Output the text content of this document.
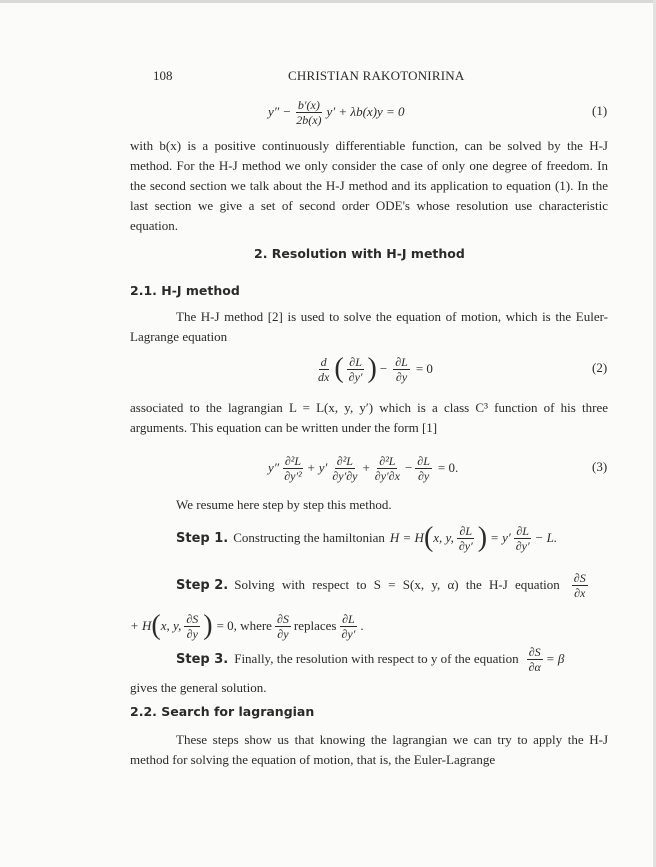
108	CHRISTIAN RAKOTONIRINA
$y'' - \frac{b'(x)}{2b(x)} y' + \lambda b(x)y = 0$	(1)
with b(x) is a positive continuously differentiable function, can be solved by the H-J method. For the H-J method we only consider the case of only one degree of freedom. In the second section we talk about the H-J method and its application to equation (1). In the last section we give a set of second order ODE's whose resolution use characteristic equation.
2. Resolution with H-J method
2.1. H-J method
The H-J method [2] is used to solve the equation of motion, which is the Euler-Lagrange equation
$\frac{d}{dx}$ ( $\frac{\partial L}{\partial y'}$ ) − $\frac{\partial L}{\partial y} = 0$	(2)
associated to the lagrangian L = L(x, y, y′) which is a class C³ function of his three arguments. This equation can be written under the form [1]
$y'' \frac{\text{∂²L}}{\text{∂y′²}} + y' \frac{\text{∂²L}}{\partial y'\partial y} + \frac{\text{∂²L}}{\partial y'\partial x} - \frac{\partial L}{\partial y} = 0$.	(3)
We resume here step by step this method.
Step 1. Constructing the hamiltonian H = H ( x, y, $\frac{\partial L}{\partial y'}$ ) = $y' \frac{\partial L}{\partial y'} - L$.
Step 2. Solving with respect to S = S(x, y, α) the H-J equation $\frac{\partial S}{\partial x}$
+ H ( x, y, $\frac{\partial S}{\partial y}$ ) = 0, where $\frac{\partial S}{\partial y}$ replaces $\frac{\partial L}{\partial y'}$ .
Step 3. Finally, the resolution with respect to y of the equation $\frac{\partial S}{\partial\alpha} = \beta$
gives the general solution.
2.2. Search for lagrangian
These steps show us that knowing the lagrangian we can try to apply the H-J method for solving the equation of motion, that is, the Euler-Lagrange
